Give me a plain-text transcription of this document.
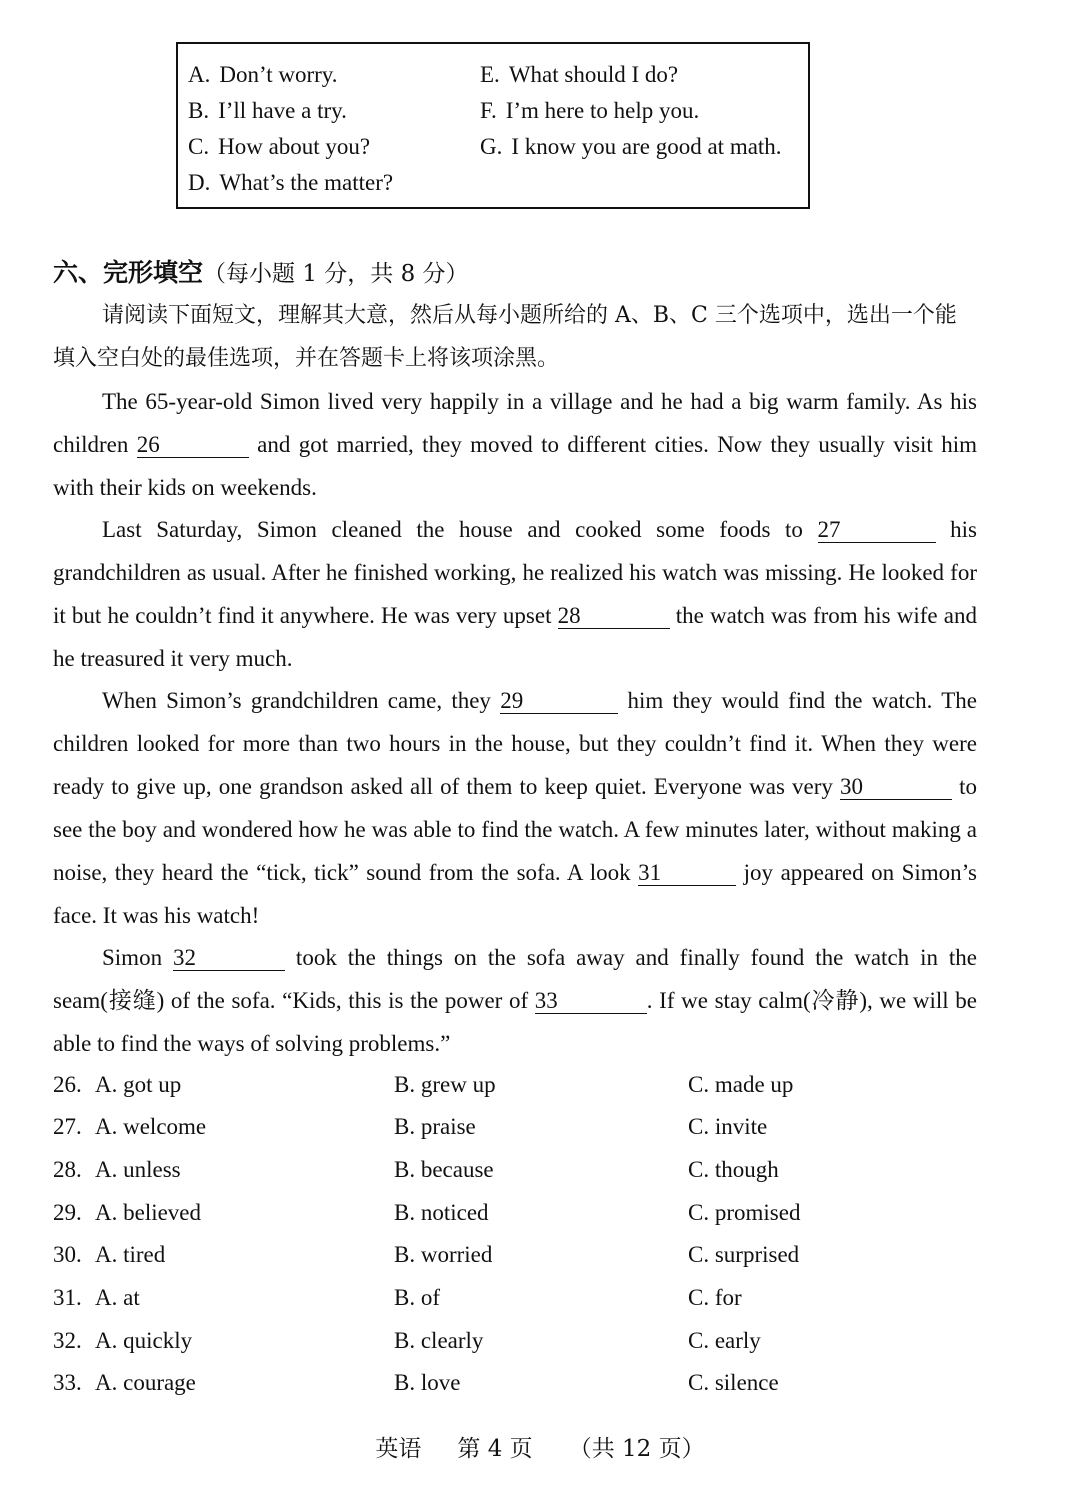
A. Don’t worry.
B. I’ll have a try.
C. How about you?
D. What’s the matter?
E. What should I do?
F. I’m here to help you.
G. I know you are good at math.
六、完形填空（每小题 1 分，共 8 分）
请阅读下面短文，理解其大意，然后从每小题所给的 A、B、C 三个选项中，选出一个能填入空白处的最佳选项，并在答题卡上将该项涂黑。
The 65-year-old Simon lived very happily in a village and he had a big warm family. As his children 26	and got married, they moved to different cities. Now they usually visit him with their kids on weekends.
Last Saturday, Simon cleaned the house and cooked some foods to 27	his grandchildren as usual. After he finished working, he realized his watch was missing. He looked for it but he couldn’t find it anywhere. He was very upset 28	the watch was from his wife and he treasured it very much.
When Simon’s grandchildren came, they 29	him they would find the watch. The children looked for more than two hours in the house, but they couldn’t find it. When they were ready to give up, one grandson asked all of them to keep quiet. Everyone was very 30	to see the boy and wondered how he was able to find the watch. A few minutes later, without making a noise, they heard the “tick, tick” sound from the sofa. A look 31	joy appeared on Simon’s face. It was his watch!
Simon 32	took the things on the sofa away and finally found the watch in the seam(接缝) of the sofa. “Kids, this is the power of 33	. If we stay calm(冷静), we will be able to find the ways of solving problems.”
26. A. got up	B. grew up	C. made up
27. A. welcome	B. praise	C. invite
28. A. unless	B. because	C. though
29. A. believed	B. noticed	C. promised
30. A. tired	B. worried	C. surprised
31. A. at	B. of	C. for
32. A. quickly	B. clearly	C. early
33. A. courage	B. love	C. silence
英语 第 4 页 （共 12 页）
